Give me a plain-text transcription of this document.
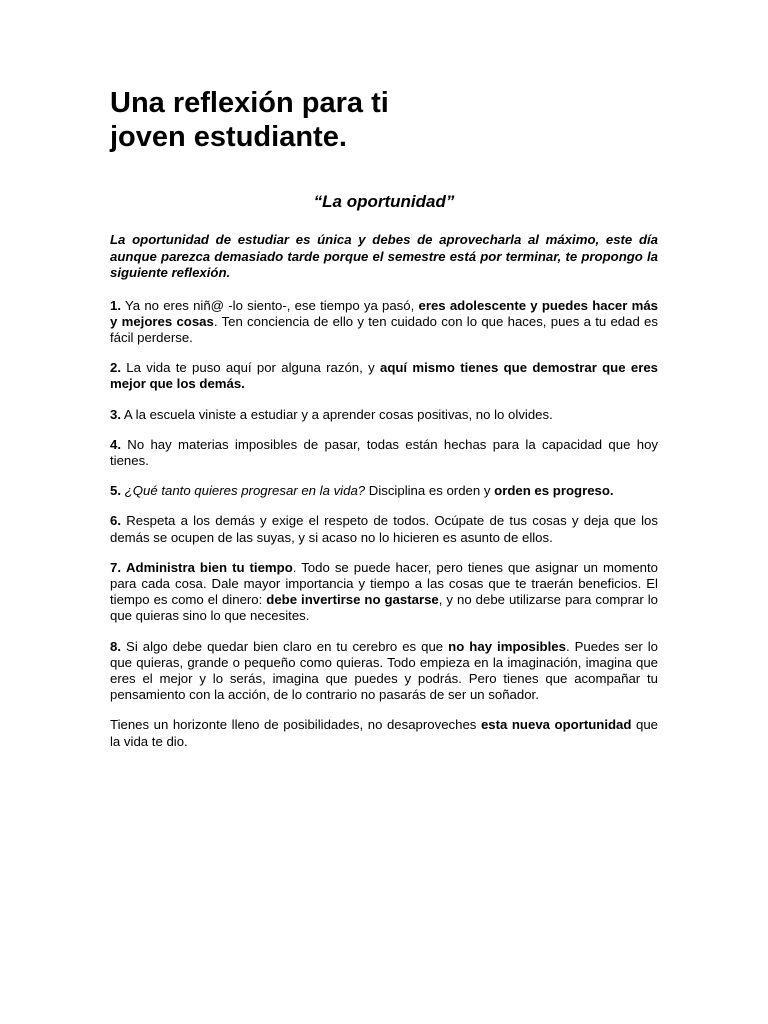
Una reflexión para ti
joven estudiante.
“La oportunidad”

La oportunidad de estudiar es única y debes de aprovecharla al máximo, este día aunque parezca demasiado tarde porque el semestre está por terminar, te propongo la siguiente reflexión.

1. Ya no eres niñ@ -lo siento-, ese tiempo ya pasó, eres adolescente y puedes hacer más y mejores cosas. Ten conciencia de ello y ten cuidado con lo que haces, pues a tu edad es fácil perderse.

2. La vida te puso aquí por alguna razón, y aquí mismo tienes que demostrar que eres mejor que los demás.

3. A la escuela viniste a estudiar y a aprender cosas positivas, no lo olvides.

4. No hay materias imposibles de pasar, todas están hechas para la capacidad que hoy tienes.

5. ¿Qué tanto quieres progresar en la vida? Disciplina es orden y orden es progreso.

6. Respeta a los demás y exige el respeto de todos. Ocúpate de tus cosas y deja que los demás se ocupen de las suyas, y si acaso no lo hicieren es asunto de ellos.

7. Administra bien tu tiempo. Todo se puede hacer, pero tienes que asignar un momento para cada cosa. Dale mayor importancia y tiempo a las cosas que te traerán beneficios. El tiempo es como el dinero: debe invertirse no gastarse, y no debe utilizarse para comprar lo que quieras sino lo que necesites.

8. Si algo debe quedar bien claro en tu cerebro es que no hay imposibles. Puedes ser lo que quieras, grande o pequeño como quieras. Todo empieza en la imaginación, imagina que eres el mejor y lo serás, imagina que puedes y podrás. Pero tienes que acompañar tu pensamiento con la acción, de lo contrario no pasarás de ser un soñador.

Tienes un horizonte lleno de posibilidades, no desaproveches esta nueva oportunidad que la vida te dio.
